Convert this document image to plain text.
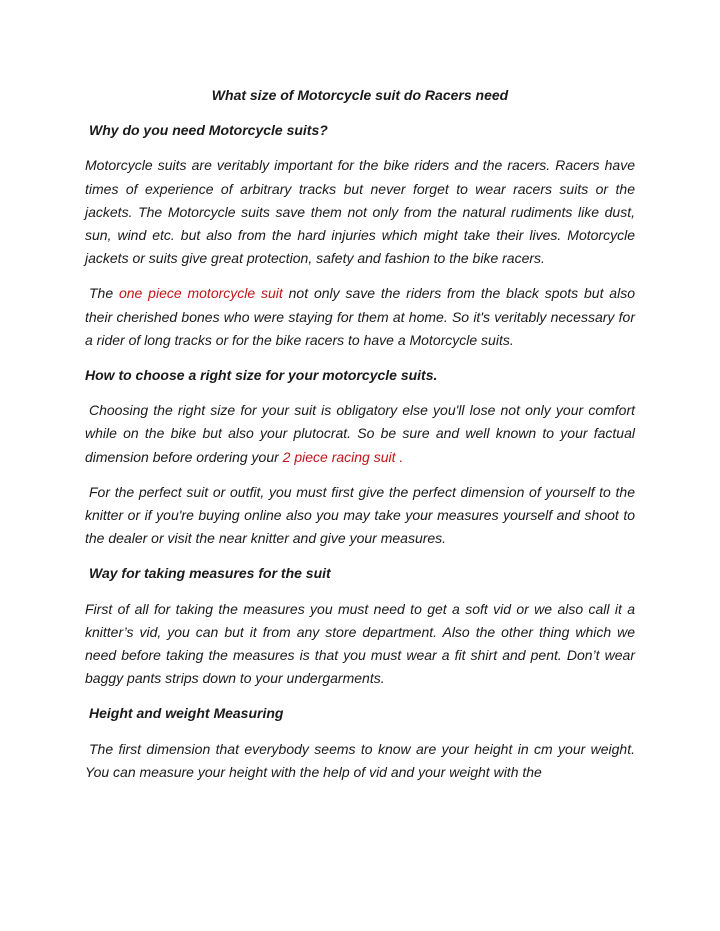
What size of Motorcycle suit do Racers need
Why do you need Motorcycle suits?

Motorcycle suits are veritably important for the bike riders and the racers. Racers have times of experience of arbitrary tracks but never forget to wear racers suits or the jackets. The Motorcycle suits save them not only from the natural rudiments like dust, sun, wind etc. but also from the hard injuries which might take their lives. Motorcycle jackets or suits give great protection, safety and fashion to the bike racers.

The one piece motorcycle suit not only save the riders from the black spots but also their cherished bones who were staying for them at home. So it's veritably necessary for a rider of long tracks or for the bike racers to have a Motorcycle suits.

How to choose a right size for your motorcycle suits.

Choosing the right size for your suit is obligatory else you'll lose not only your comfort while on the bike but also your plutocrat. So be sure and well known to your factual dimension before ordering your 2 piece racing suit .

For the perfect suit or outfit, you must first give the perfect dimension of yourself to the knitter or if you're buying online also you may take your measures yourself and shoot to the dealer or visit the near knitter and give your measures.

Way for taking measures for the suit

First of all for taking the measures you must need to get a soft vid or we also call it a knitter’s vid, you can but it from any store department. Also the other thing which we need before taking the measures is that you must wear a fit shirt and pent. Don’t wear baggy pants strips down to your undergarments.

Height and weight Measuring

The first dimension that everybody seems to know are your height in cm your weight. You can measure your height with the help of vid and your weight with the
